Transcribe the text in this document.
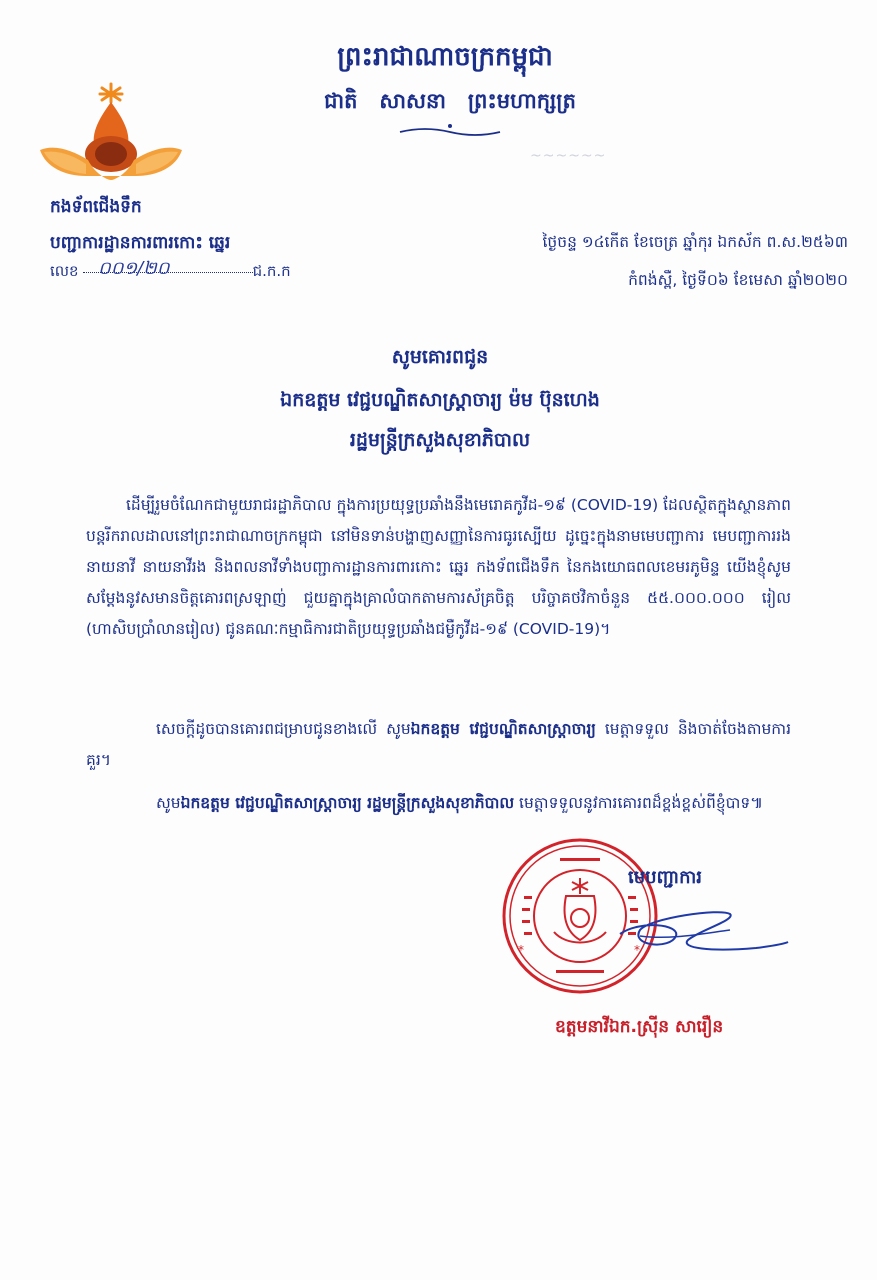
ព្រះរាជាណាចក្រកម្ពុជា
ជាតិ   សាសនា   ព្រះមហាក្សត្រ
~~~~~~
កងទ័ពជើងទឹក
បញ្ជាការដ្ឋានការពារកោះ ឆ្នេរ
លេខ	ជ.ក.ក
០០១/២០
ថ្ងៃចន្ទ ១៤កើត ខែចេត្រ ឆ្នាំកុរ ឯកស័ក ព.ស.២៥៦៣
កំពង់ស្ពឺ, ថ្ងៃទី០៦ ខែមេសា ឆ្នាំ២០២០
សូមគោរពជូន
ឯកឧត្តម វេជ្ជបណ្ឌិតសាស្ត្រាចារ្យ ម៉ម ប៊ុនហេង
រដ្ឋមន្ត្រីក្រសួងសុខាភិបាល
ដើម្បីរួមចំណែកជាមួយរាជរដ្ឋាភិបាល ក្នុងការប្រយុទ្ធប្រឆាំងនឹងមេរោគកូវីដ-១៩ (COVID-19) ដែលស្ថិតក្នុងស្ថានភាពបន្តរីករាលដាលនៅព្រះរាជាណាចក្រកម្ពុជា នៅមិនទាន់បង្ហាញសញ្ញានៃការធូរស្បើយ ដូច្នេះក្នុងនាមមេបញ្ជាការ មេបញ្ជាការរង នាយនាវី នាយនាវីរង និងពលនាវីទាំងបញ្ជាការដ្ឋានការពារកោះ ឆ្នេរ កងទ័ពជើងទឹក នៃកងយោធពលខេមរភូមិន្ទ យើងខ្ញុំសូមសម្តែងនូវសមានចិត្តគោរពស្រឡាញ់ ជួយគ្នាក្នុងគ្រាលំបាកតាមការស័គ្រចិត្ត បរិច្ចាគថវិកាចំនួន ៥៥.០០០.០០០ រៀល (ហាសិបប្រាំលានរៀល) ជូនគណៈកម្មាធិការជាតិប្រយុទ្ធប្រឆាំងជម្ងឺកូវីដ-១៩ (COVID-19)។
សេចក្តីដូចបានគោរពជម្រាបជូនខាងលើ សូមឯកឧត្តម វេជ្ជបណ្ឌិតសាស្ត្រាចារ្យ មេត្តាទទួល និងចាត់ចែងតាមការគួរ។
សូមឯកឧត្តម វេជ្ជបណ្ឌិតសាស្ត្រាចារ្យ រដ្ឋមន្ត្រីក្រសួងសុខាភិបាល មេត្តាទទួលនូវការគោរពដ៏ខ្ពង់ខ្ពស់ពីខ្ញុំបាទ៕
*	*
មេបញ្ជាការ
ឧត្តមនាវីឯក.ស៊្រីន សារឿន
